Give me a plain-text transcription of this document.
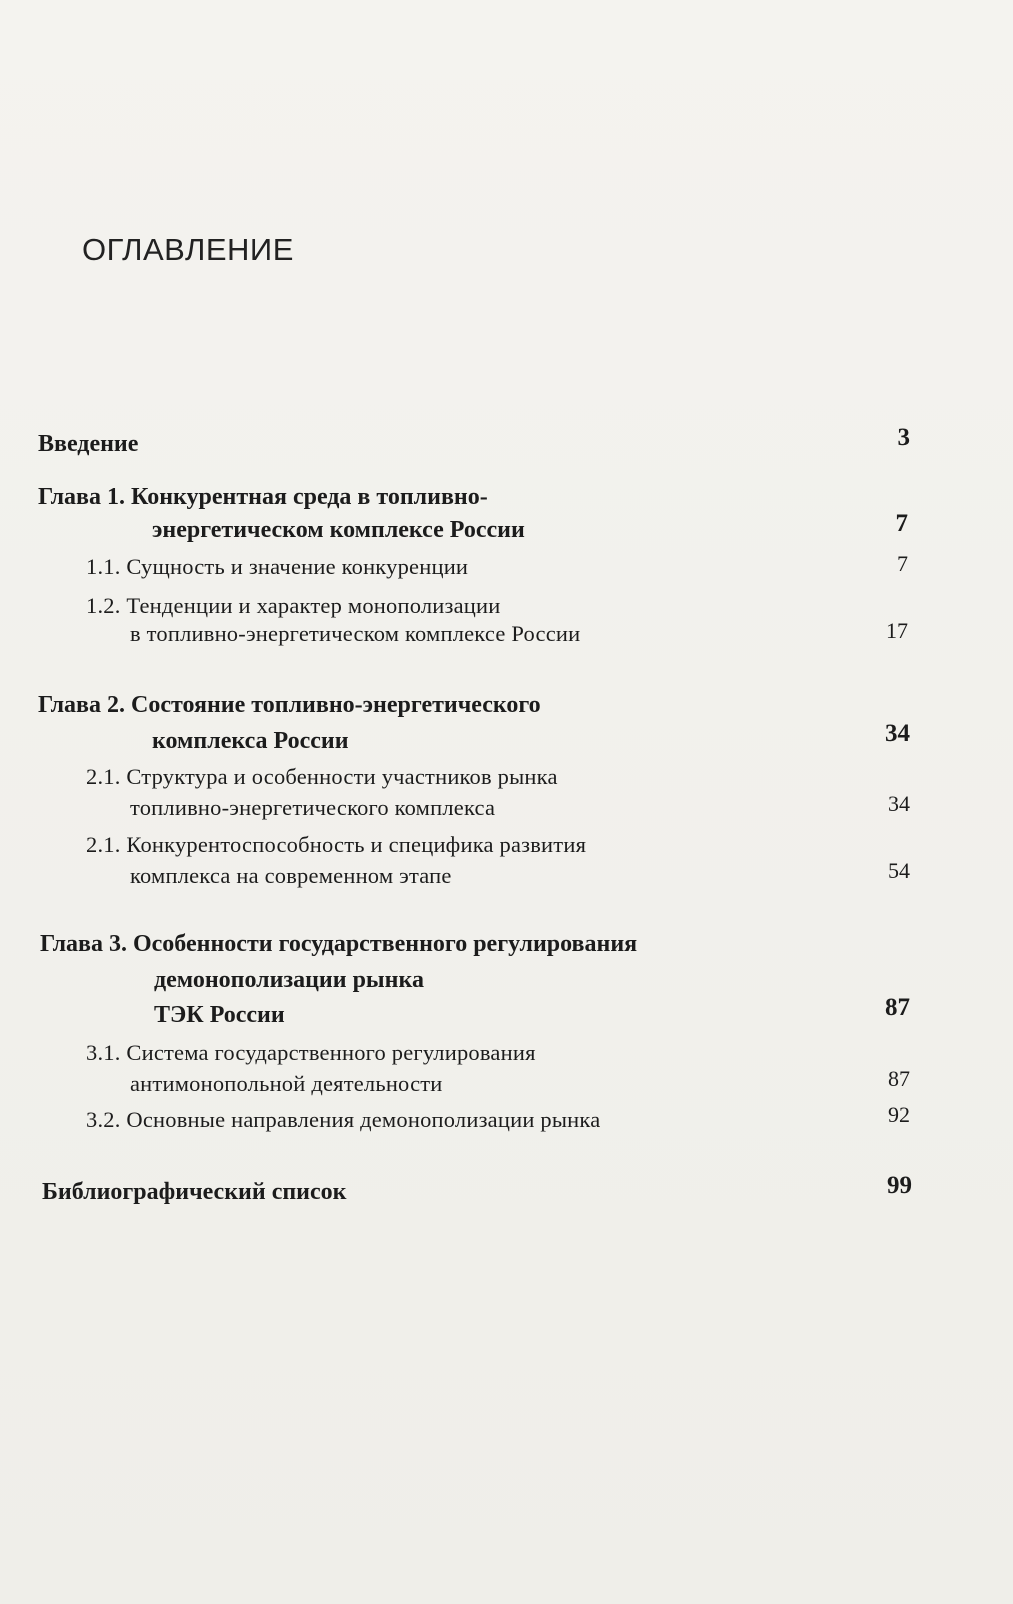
ОГЛАВЛЕНИЕ
Введение	3
Глава 1. Конкурентная среда в топливно-
энергетическом комплексе России	7
1.1. Сущность и значение конкуренции	7
1.2. Тенденции и характер монополизации
в топливно-энергетическом комплексе России	17
Глава 2. Состояние топливно-энергетического
комплекса России	34
2.1. Структура и особенности участников рынка
топливно-энергетического комплекса	34
2.1. Конкурентоспособность и специфика развития
комплекса на современном этапе	54
Глава 3. Особенности государственного регулирования
демонополизации рынка
ТЭК России	87
3.1. Система государственного регулирования
антимонопольной деятельности	87
3.2. Основные направления демонополизации рынка	92
Библиографический список	99
